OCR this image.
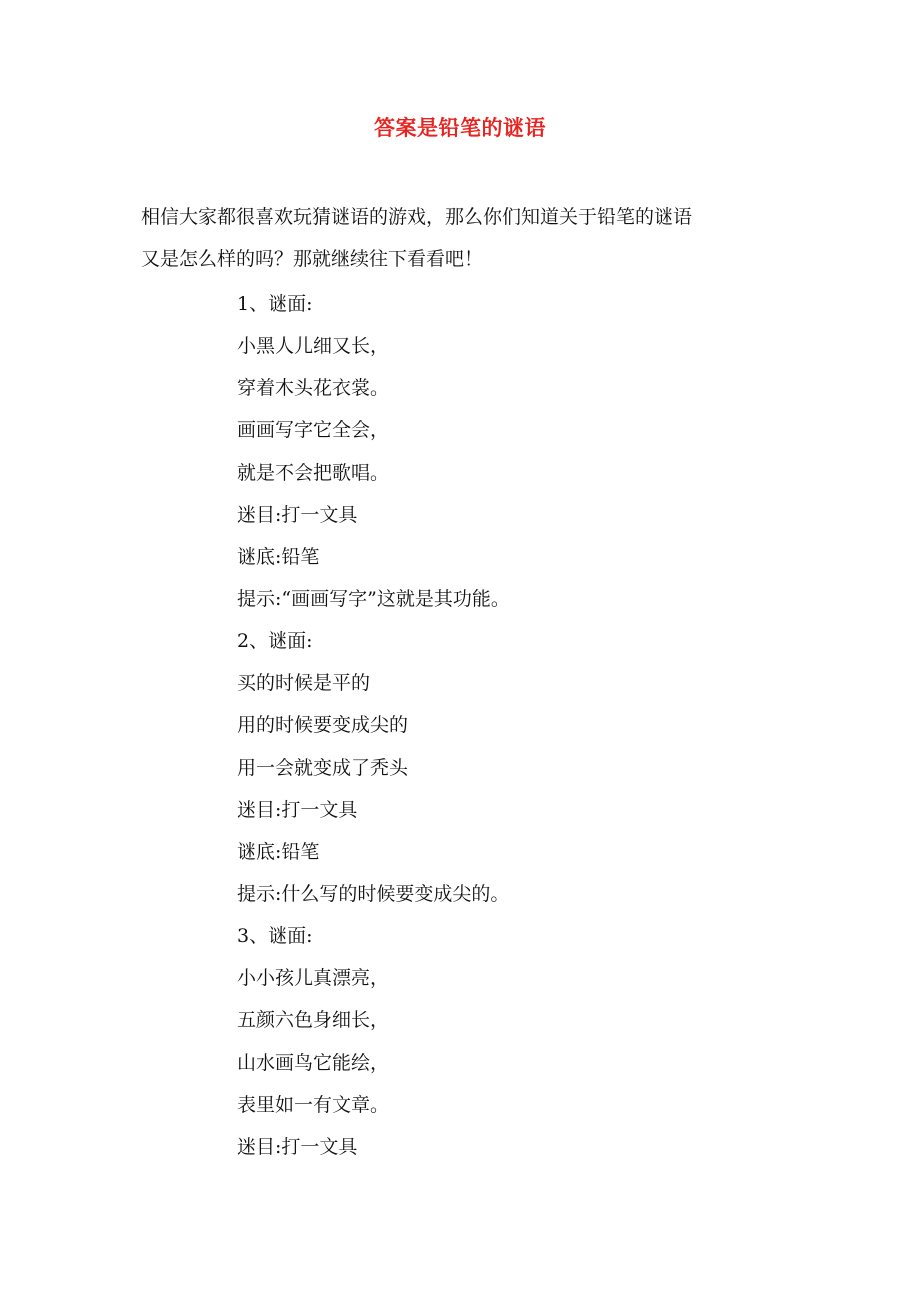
答案是铅笔的谜语

相信大家都很喜欢玩猜谜语的游戏，那么你们知道关于铅笔的谜语

又是怎么样的吗？那就继续往下看看吧！

1、谜面:

小黑人儿细又长，

穿着木头花衣裳。

画画写字它全会，

就是不会把歌唱。

迷目:打一文具

谜底:铅笔

提示:“画画写字”这就是其功能。

2、谜面:

买的时候是平的

用的时候要变成尖的

用一会就变成了秃头

迷目:打一文具

谜底:铅笔

提示:什么写的时候要变成尖的。

3、谜面:

小小孩儿真漂亮，

五颜六色身细长，

山水画鸟它能绘，

表里如一有文章。

迷目:打一文具
